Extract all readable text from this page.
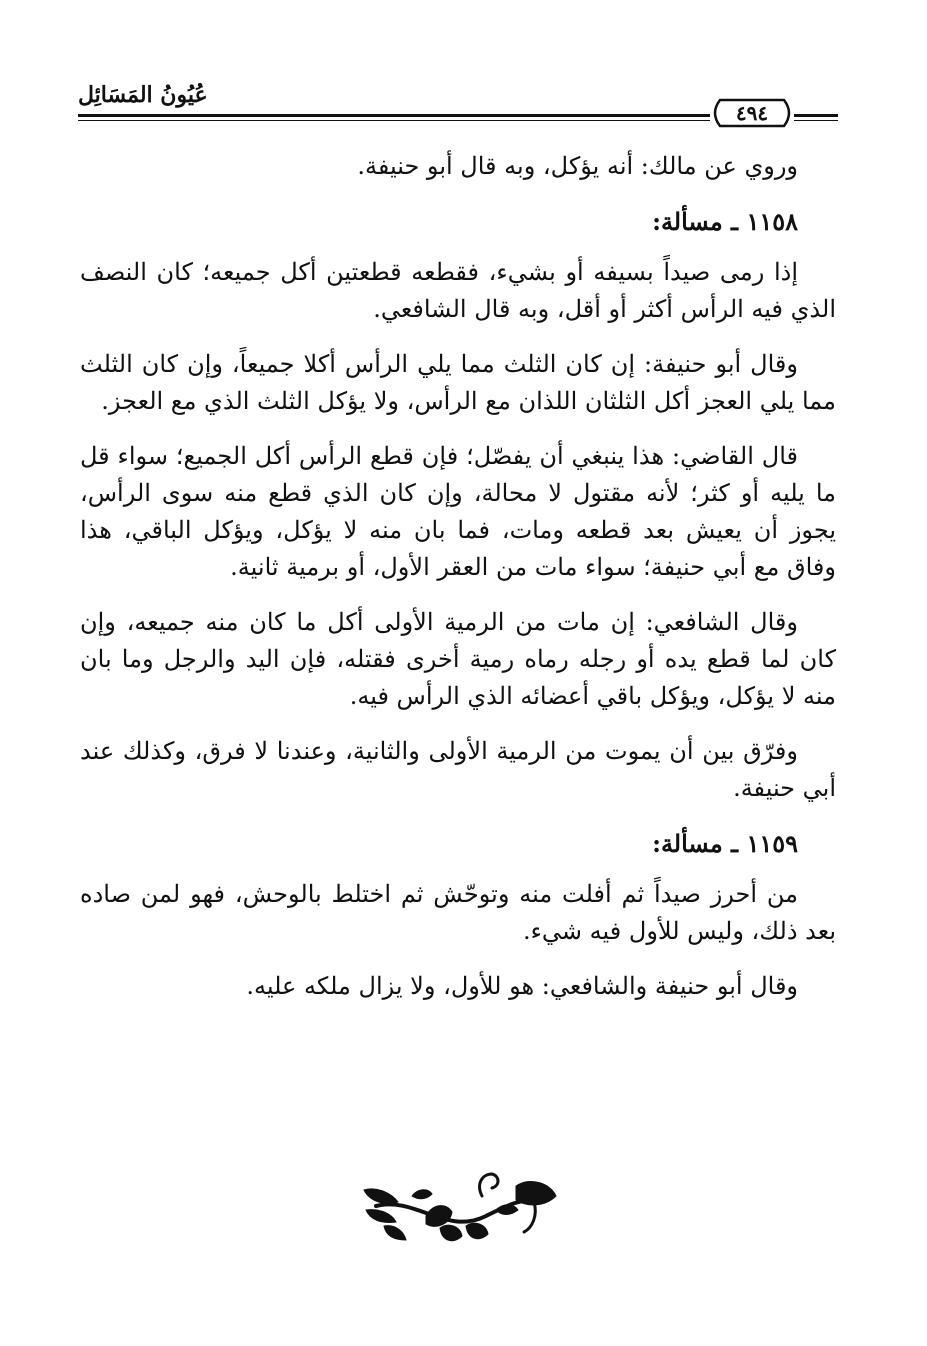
عُيُونُ المَسَائِل
٤٩٤

وروي عن مالك: أنه يؤكل، وبه قال أبو حنيفة.

١١٥٨ ـ مسألة:

إذا رمى صيداً بسيفه أو بشيء، فقطعه قطعتين أكل جميعه؛ كان النصف الذي فيه الرأس أكثر أو أقل، وبه قال الشافعي.

وقال أبو حنيفة: إن كان الثلث مما يلي الرأس أكلا جميعاً، وإن كان الثلث مما يلي العجز أكل الثلثان اللذان مع الرأس، ولا يؤكل الثلث الذي مع العجز.

قال القاضي: هذا ينبغي أن يفصّل؛ فإن قطع الرأس أكل الجميع؛ سواء قل ما يليه أو كثر؛ لأنه مقتول لا محالة، وإن كان الذي قطع منه سوى الرأس، يجوز أن يعيش بعد قطعه ومات، فما بان منه لا يؤكل، ويؤكل الباقي، هذا وفاق مع أبي حنيفة؛ سواء مات من العقر الأول، أو برمية ثانية.

وقال الشافعي: إن مات من الرمية الأولى أكل ما كان منه جميعه، وإن كان لما قطع يده أو رجله رماه رمية أخرى فقتله، فإن اليد والرجل وما بان منه لا يؤكل، ويؤكل باقي أعضائه الذي الرأس فيه.

وفرّق بين أن يموت من الرمية الأولى والثانية، وعندنا لا فرق، وكذلك عند أبي حنيفة.

١١٥٩ ـ مسألة:

من أحرز صيداً ثم أفلت منه وتوحّش ثم اختلط بالوحش، فهو لمن صاده بعد ذلك، وليس للأول فيه شيء.

وقال أبو حنيفة والشافعي: هو للأول، ولا يزال ملكه عليه.
